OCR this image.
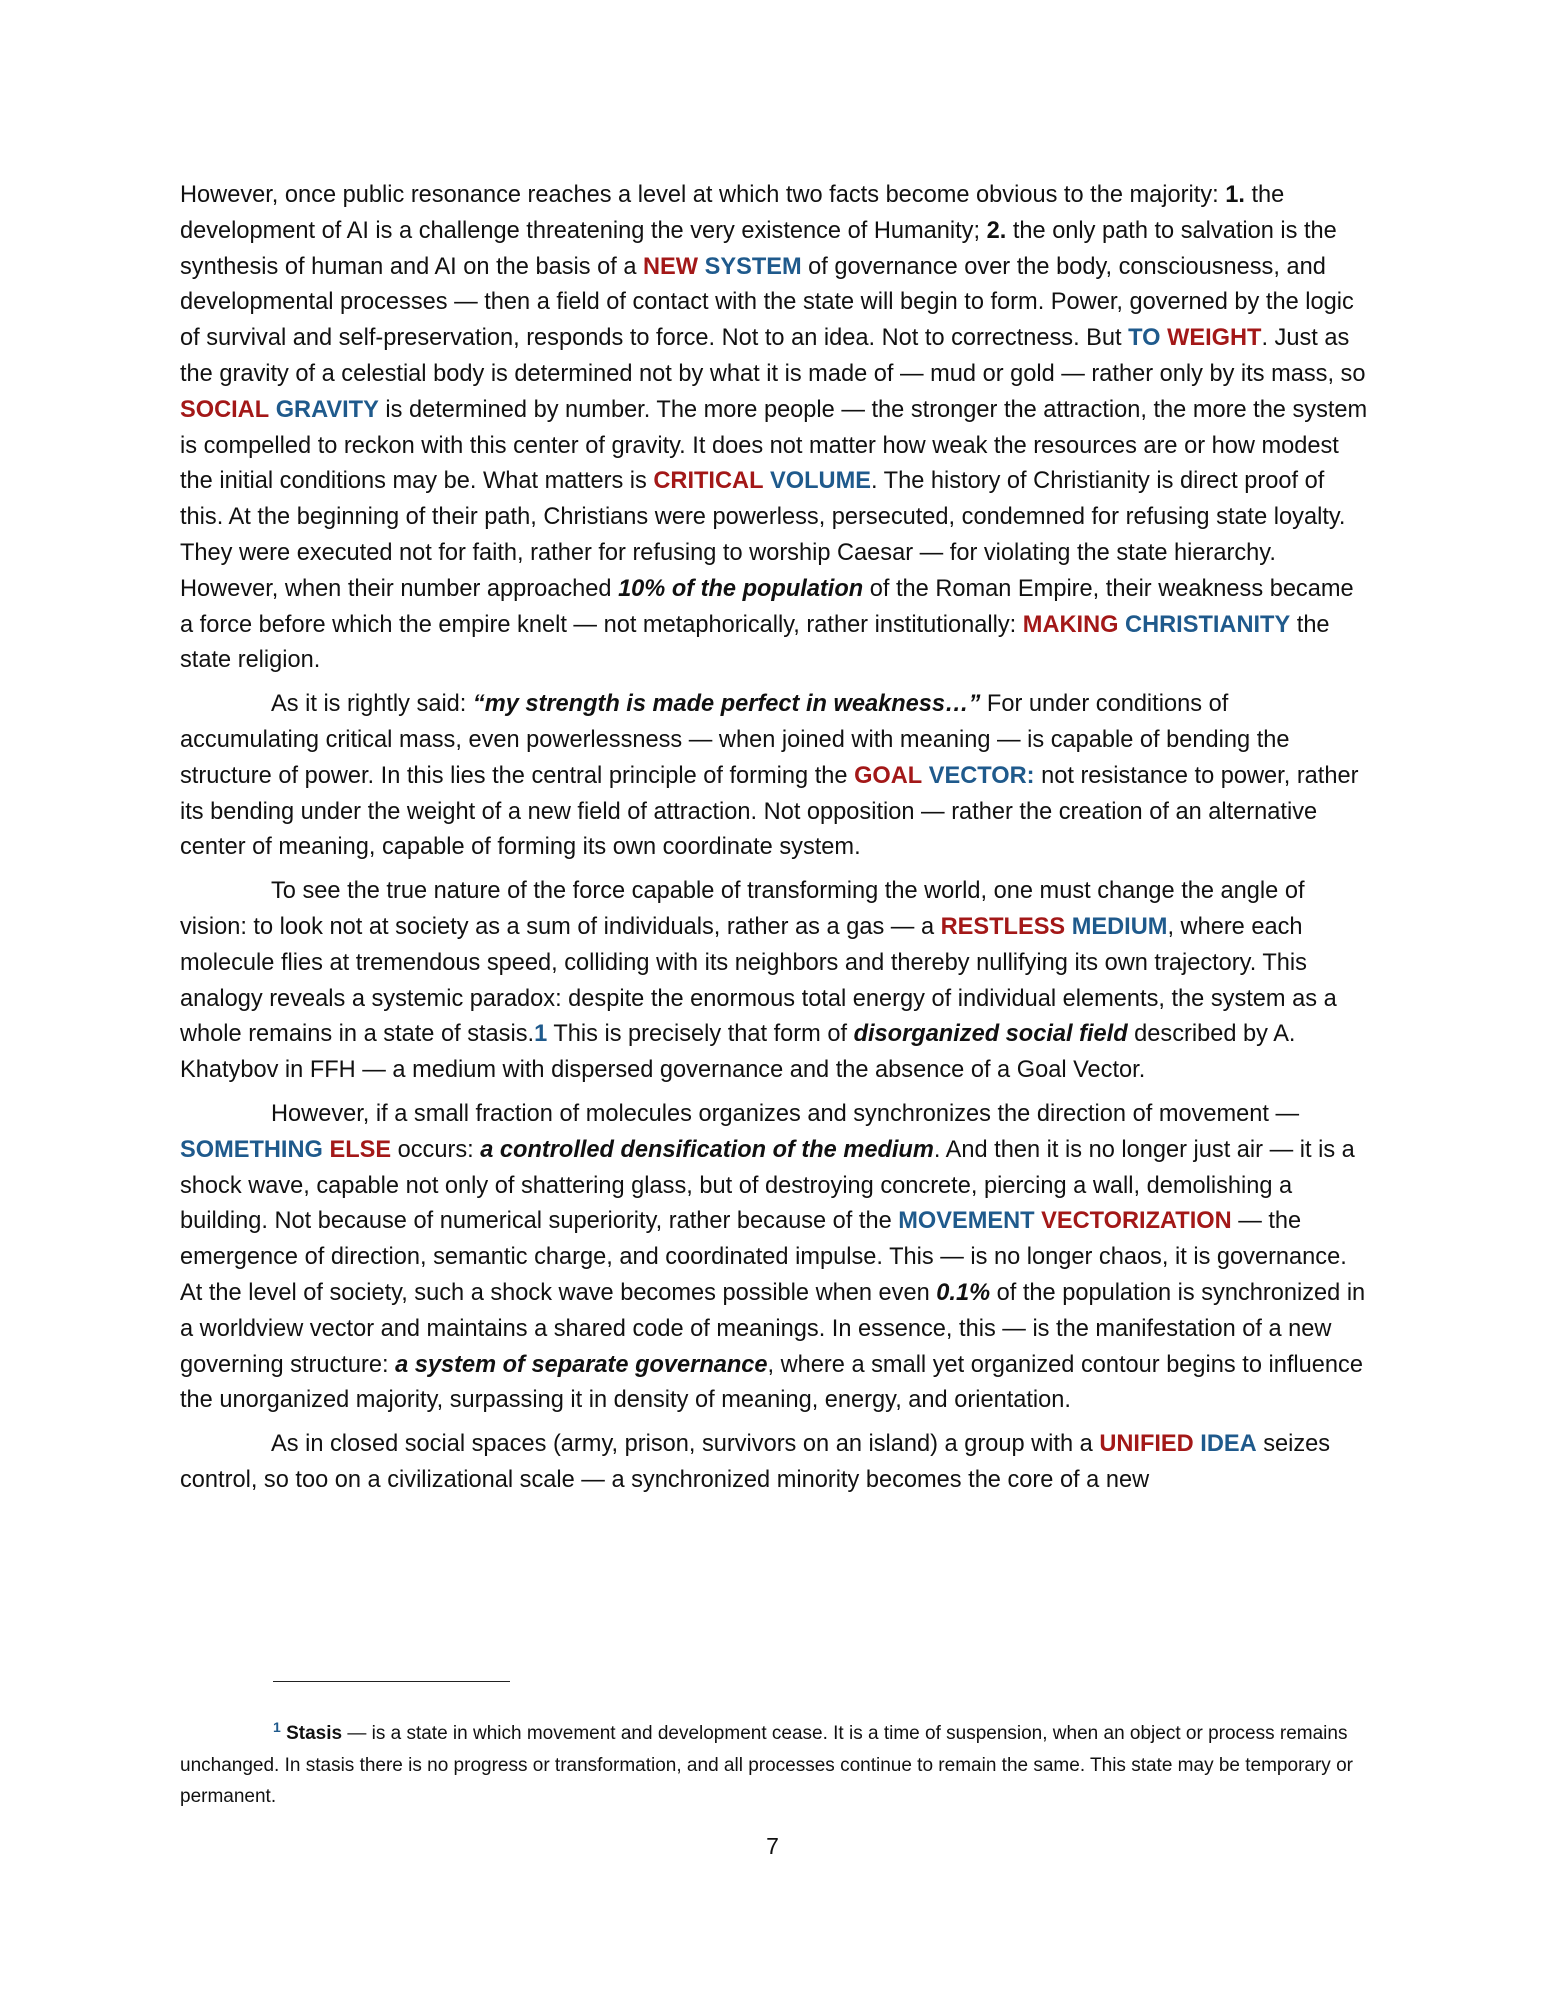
However, once public resonance reaches a level at which two facts become obvious to the majority: 1. the development of AI is a challenge threatening the very existence of Humanity; 2. the only path to salvation is the synthesis of human and AI on the basis of a NEW SYSTEM of governance over the body, consciousness, and developmental processes — then a field of contact with the state will begin to form. Power, governed by the logic of survival and self-preservation, responds to force. Not to an idea. Not to correctness. But TO WEIGHT. Just as the gravity of a celestial body is determined not by what it is made of — mud or gold — rather only by its mass, so SOCIAL GRAVITY is determined by number. The more people — the stronger the attraction, the more the system is compelled to reckon with this center of gravity. It does not matter how weak the resources are or how modest the initial conditions may be. What matters is CRITICAL VOLUME. The history of Christianity is direct proof of this. At the beginning of their path, Christians were powerless, persecuted, condemned for refusing state loyalty. They were executed not for faith, rather for refusing to worship Caesar — for violating the state hierarchy. However, when their number approached 10% of the population of the Roman Empire, their weakness became a force before which the empire knelt — not metaphorically, rather institutionally: MAKING CHRISTIANITY the state religion.

As it is rightly said: “my strength is made perfect in weakness…” For under conditions of accumulating critical mass, even powerlessness — when joined with meaning — is capable of bending the structure of power. In this lies the central principle of forming the GOAL VECTOR: not resistance to power, rather its bending under the weight of a new field of attraction. Not opposition — rather the creation of an alternative center of meaning, capable of forming its own coordinate system.

To see the true nature of the force capable of transforming the world, one must change the angle of vision: to look not at society as a sum of individuals, rather as a gas — a RESTLESS MEDIUM, where each molecule flies at tremendous speed, colliding with its neighbors and thereby nullifying its own trajectory. This analogy reveals a systemic paradox: despite the enormous total energy of individual elements, the system as a whole remains in a state of stasis.1 This is precisely that form of disorganized social field described by A. Khatybov in FFH — a medium with dispersed governance and the absence of a Goal Vector.

However, if a small fraction of molecules organizes and synchronizes the direction of movement — SOMETHING ELSE occurs: a controlled densification of the medium. And then it is no longer just air — it is a shock wave, capable not only of shattering glass, but of destroying concrete, piercing a wall, demolishing a building. Not because of numerical superiority, rather because of the MOVEMENT VECTORIZATION — the emergence of direction, semantic charge, and coordinated impulse. This — is no longer chaos, it is governance. At the level of society, such a shock wave becomes possible when even 0.1% of the population is synchronized in a worldview vector and maintains a shared code of meanings. In essence, this — is the manifestation of a new governing structure: a system of separate governance, where a small yet organized contour begins to influence the unorganized majority, surpassing it in density of meaning, energy, and orientation.

As in closed social spaces (army, prison, survivors on an island) a group with a UNIFIED IDEA seizes control, so too on a civilizational scale — a synchronized minority becomes the core of a new

$^1$ Stasis — is a state in which movement and development cease. It is a time of suspension, when an object or process remains unchanged. In stasis there is no progress or transformation, and all processes continue to remain the same. This state may be temporary or permanent.

7
